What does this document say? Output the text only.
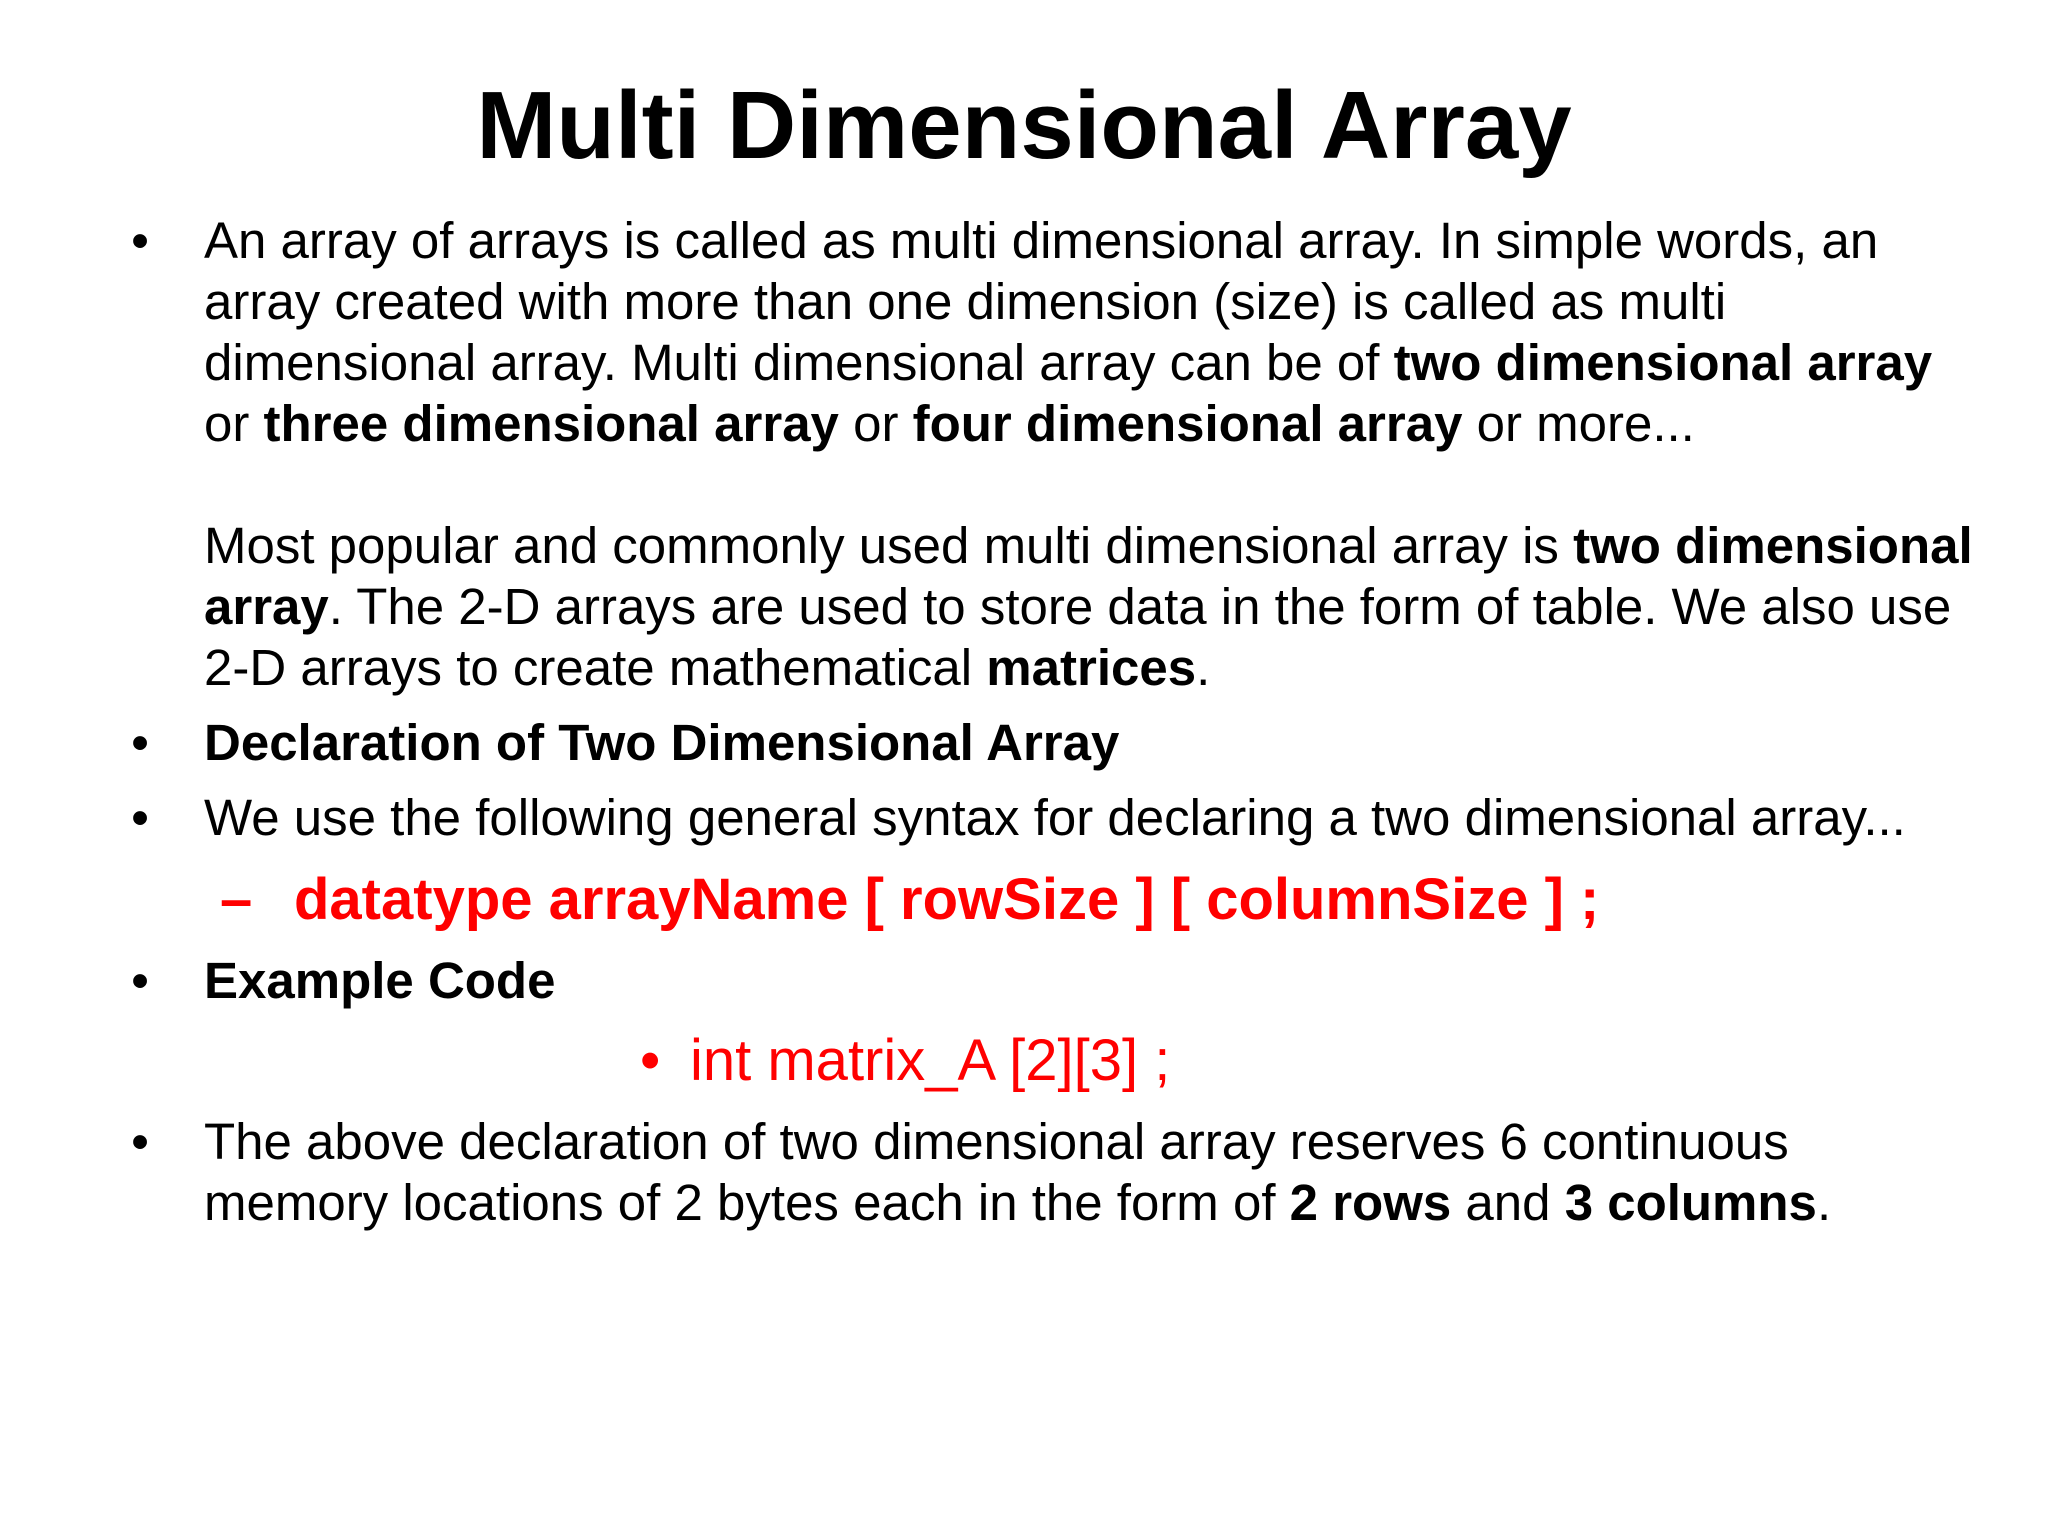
Multi Dimensional Array
• An array of arrays is called as multi dimensional array. In simple words, an array created with more than one dimension (size) is called as multi dimensional array. Multi dimensional array can be of two dimensional array or three dimensional array or four dimensional array or more...

Most popular and commonly used multi dimensional array is two dimensional array. The 2-D arrays are used to store data in the form of table. We also use 2-D arrays to create mathematical matrices.

• Declaration of Two Dimensional Array

• We use the following general syntax for declaring a two dimensional array...

– datatype arrayName [ rowSize ] [ columnSize ] ;
• Example Code

• int matrix_A [2][3] ;
• The above declaration of two dimensional array reserves 6 continuous memory locations of 2 bytes each in the form of 2 rows and 3 columns.
